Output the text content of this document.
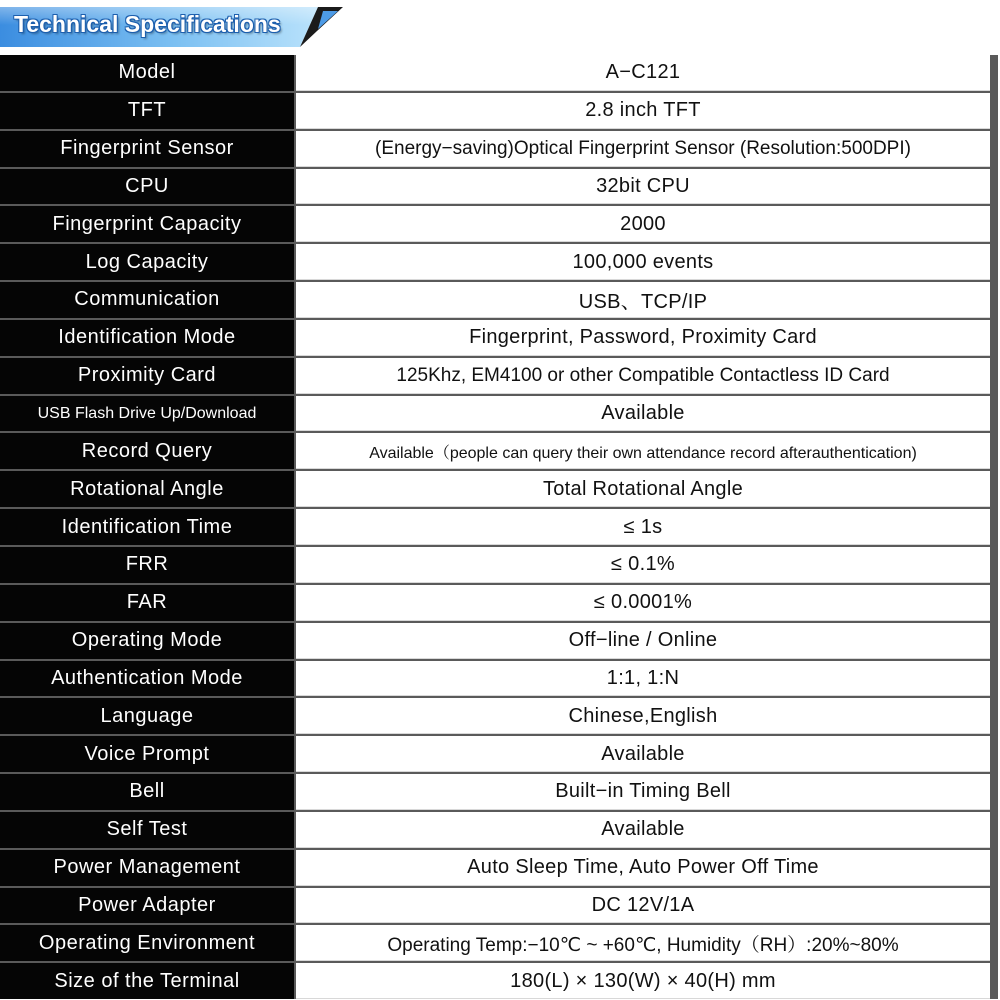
Technical Specifications
Model	A−C121
TFT	2.8 inch TFT
Fingerprint Sensor	(Energy−saving)Optical Fingerprint Sensor (Resolution:500DPI)
CPU	32bit CPU
Fingerprint Capacity	2000
Log Capacity	100,000 events
Communication	USB、TCP/IP
Identification Mode	Fingerprint, Password, Proximity Card
Proximity Card	125Khz, EM4100 or other Compatible Contactless ID Card
USB Flash Drive Up/Download	Available
Record Query	Available（people can query their own attendance record afterauthentication)
Rotational Angle	Total Rotational Angle
Identification Time	≤ 1s
FRR	≤ 0.1%
FAR	≤ 0.0001%
Operating Mode	Off−line / Online
Authentication Mode	1:1, 1:N
Language	Chinese,English
Voice Prompt	Available
Bell	Built−in Timing Bell
Self Test	Available
Power Management	Auto Sleep Time, Auto Power Off Time
Power Adapter	DC 12V/1A
Operating Environment	Operating Temp:−10℃ ~ +60℃, Humidity（RH）:20%~80%
Size of the Terminal	180(L) × 130(W) × 40(H) mm
